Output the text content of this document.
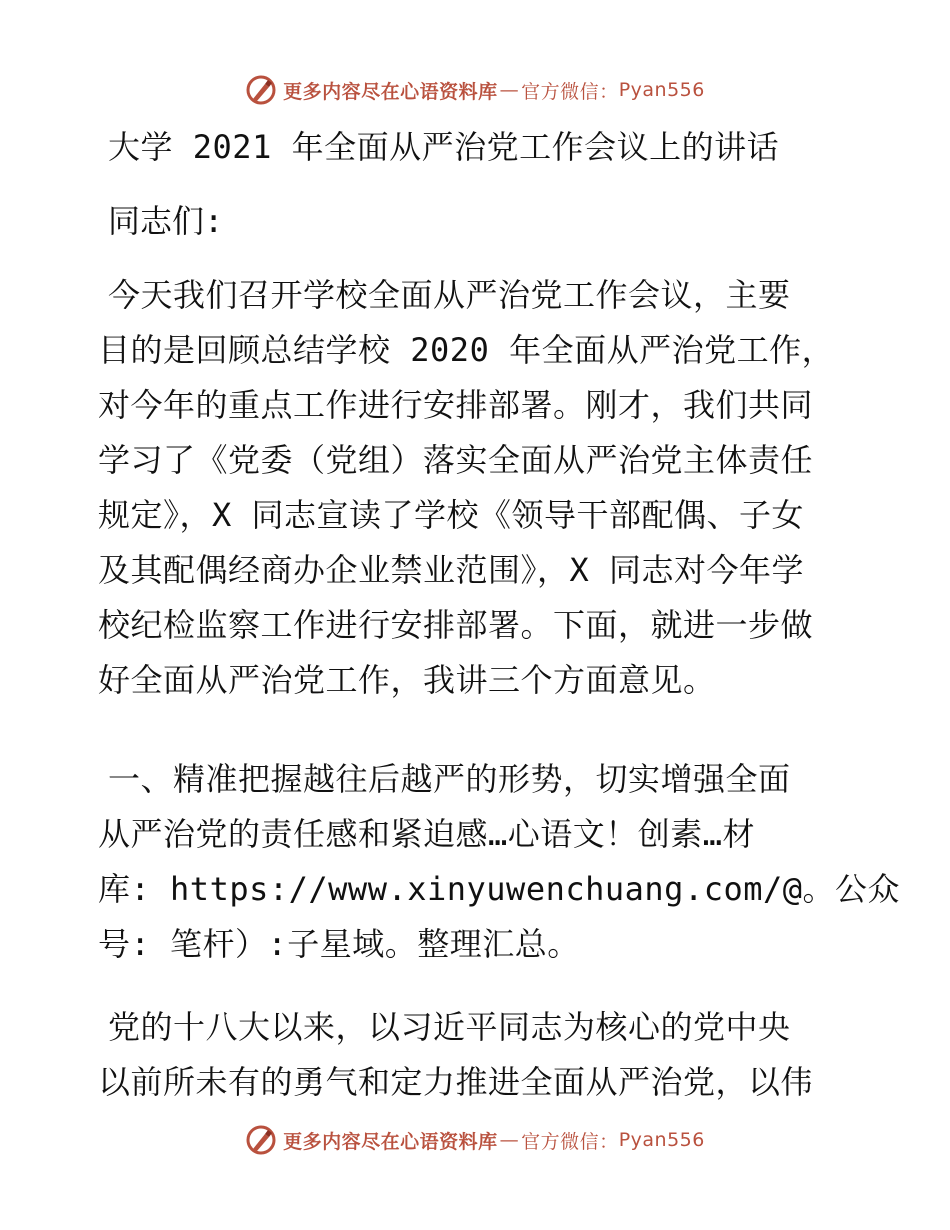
更多内容尽在心语资料库 — 官方微信： Pyan556
大学 2021 年全面从严治党工作会议上的讲话
同志们:
今天我们召开学校全面从严治党工作会议，主要
目的是回顾总结学校 2020 年全面从严治党工作，
对今年的重点工作进行安排部署。刚才，我们共同
学习了《党委（党组）落实全面从严治党主体责任
规定》，X 同志宣读了学校《领导干部配偶、子女
及其配偶经商办企业禁业范围》，X 同志对今年学
校纪检监察工作进行安排部署。下面，就进一步做
好全面从严治党工作，我讲三个方面意见。
一、精准把握越往后越严的形势，切实增强全面
从严治党的责任感和紧迫感…心语文！创素…材
库: https://www.xinyuwenchuang.com/@。公众
号: 笔杆）:子星域。整理汇总。
党的十八大以来，以习近平同志为核心的党中央
以前所未有的勇气和定力推进全面从严治党，以伟
更多内容尽在心语资料库 — 官方微信： Pyan556
